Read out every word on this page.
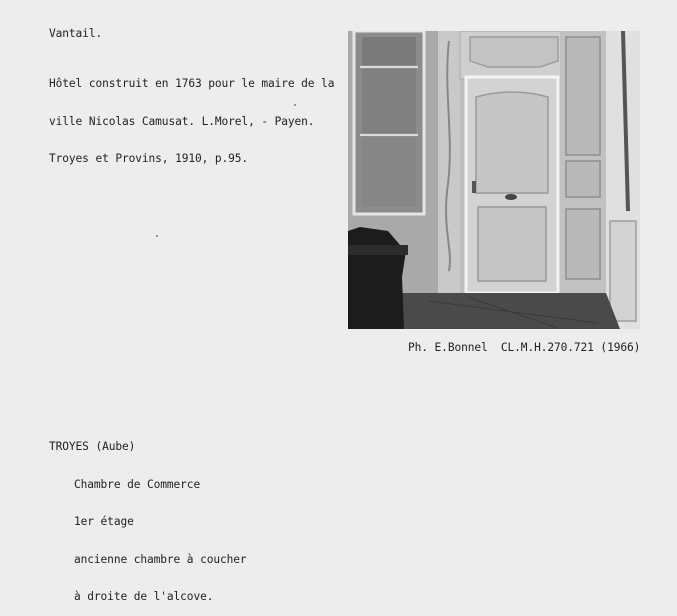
Vantail.

Hôtel construit en 1763 pour le maire de la

ville Nicolas Camusat. L.Morel, - Payen.

Troyes et Provins, 1910, p.95.

Ph. E.Bonnel  CL.M.H.270.721 (1966)

TROYES (Aube)

Chambre de Commerce

1er étage

ancienne chambre à coucher

à droite de l'alcove.
